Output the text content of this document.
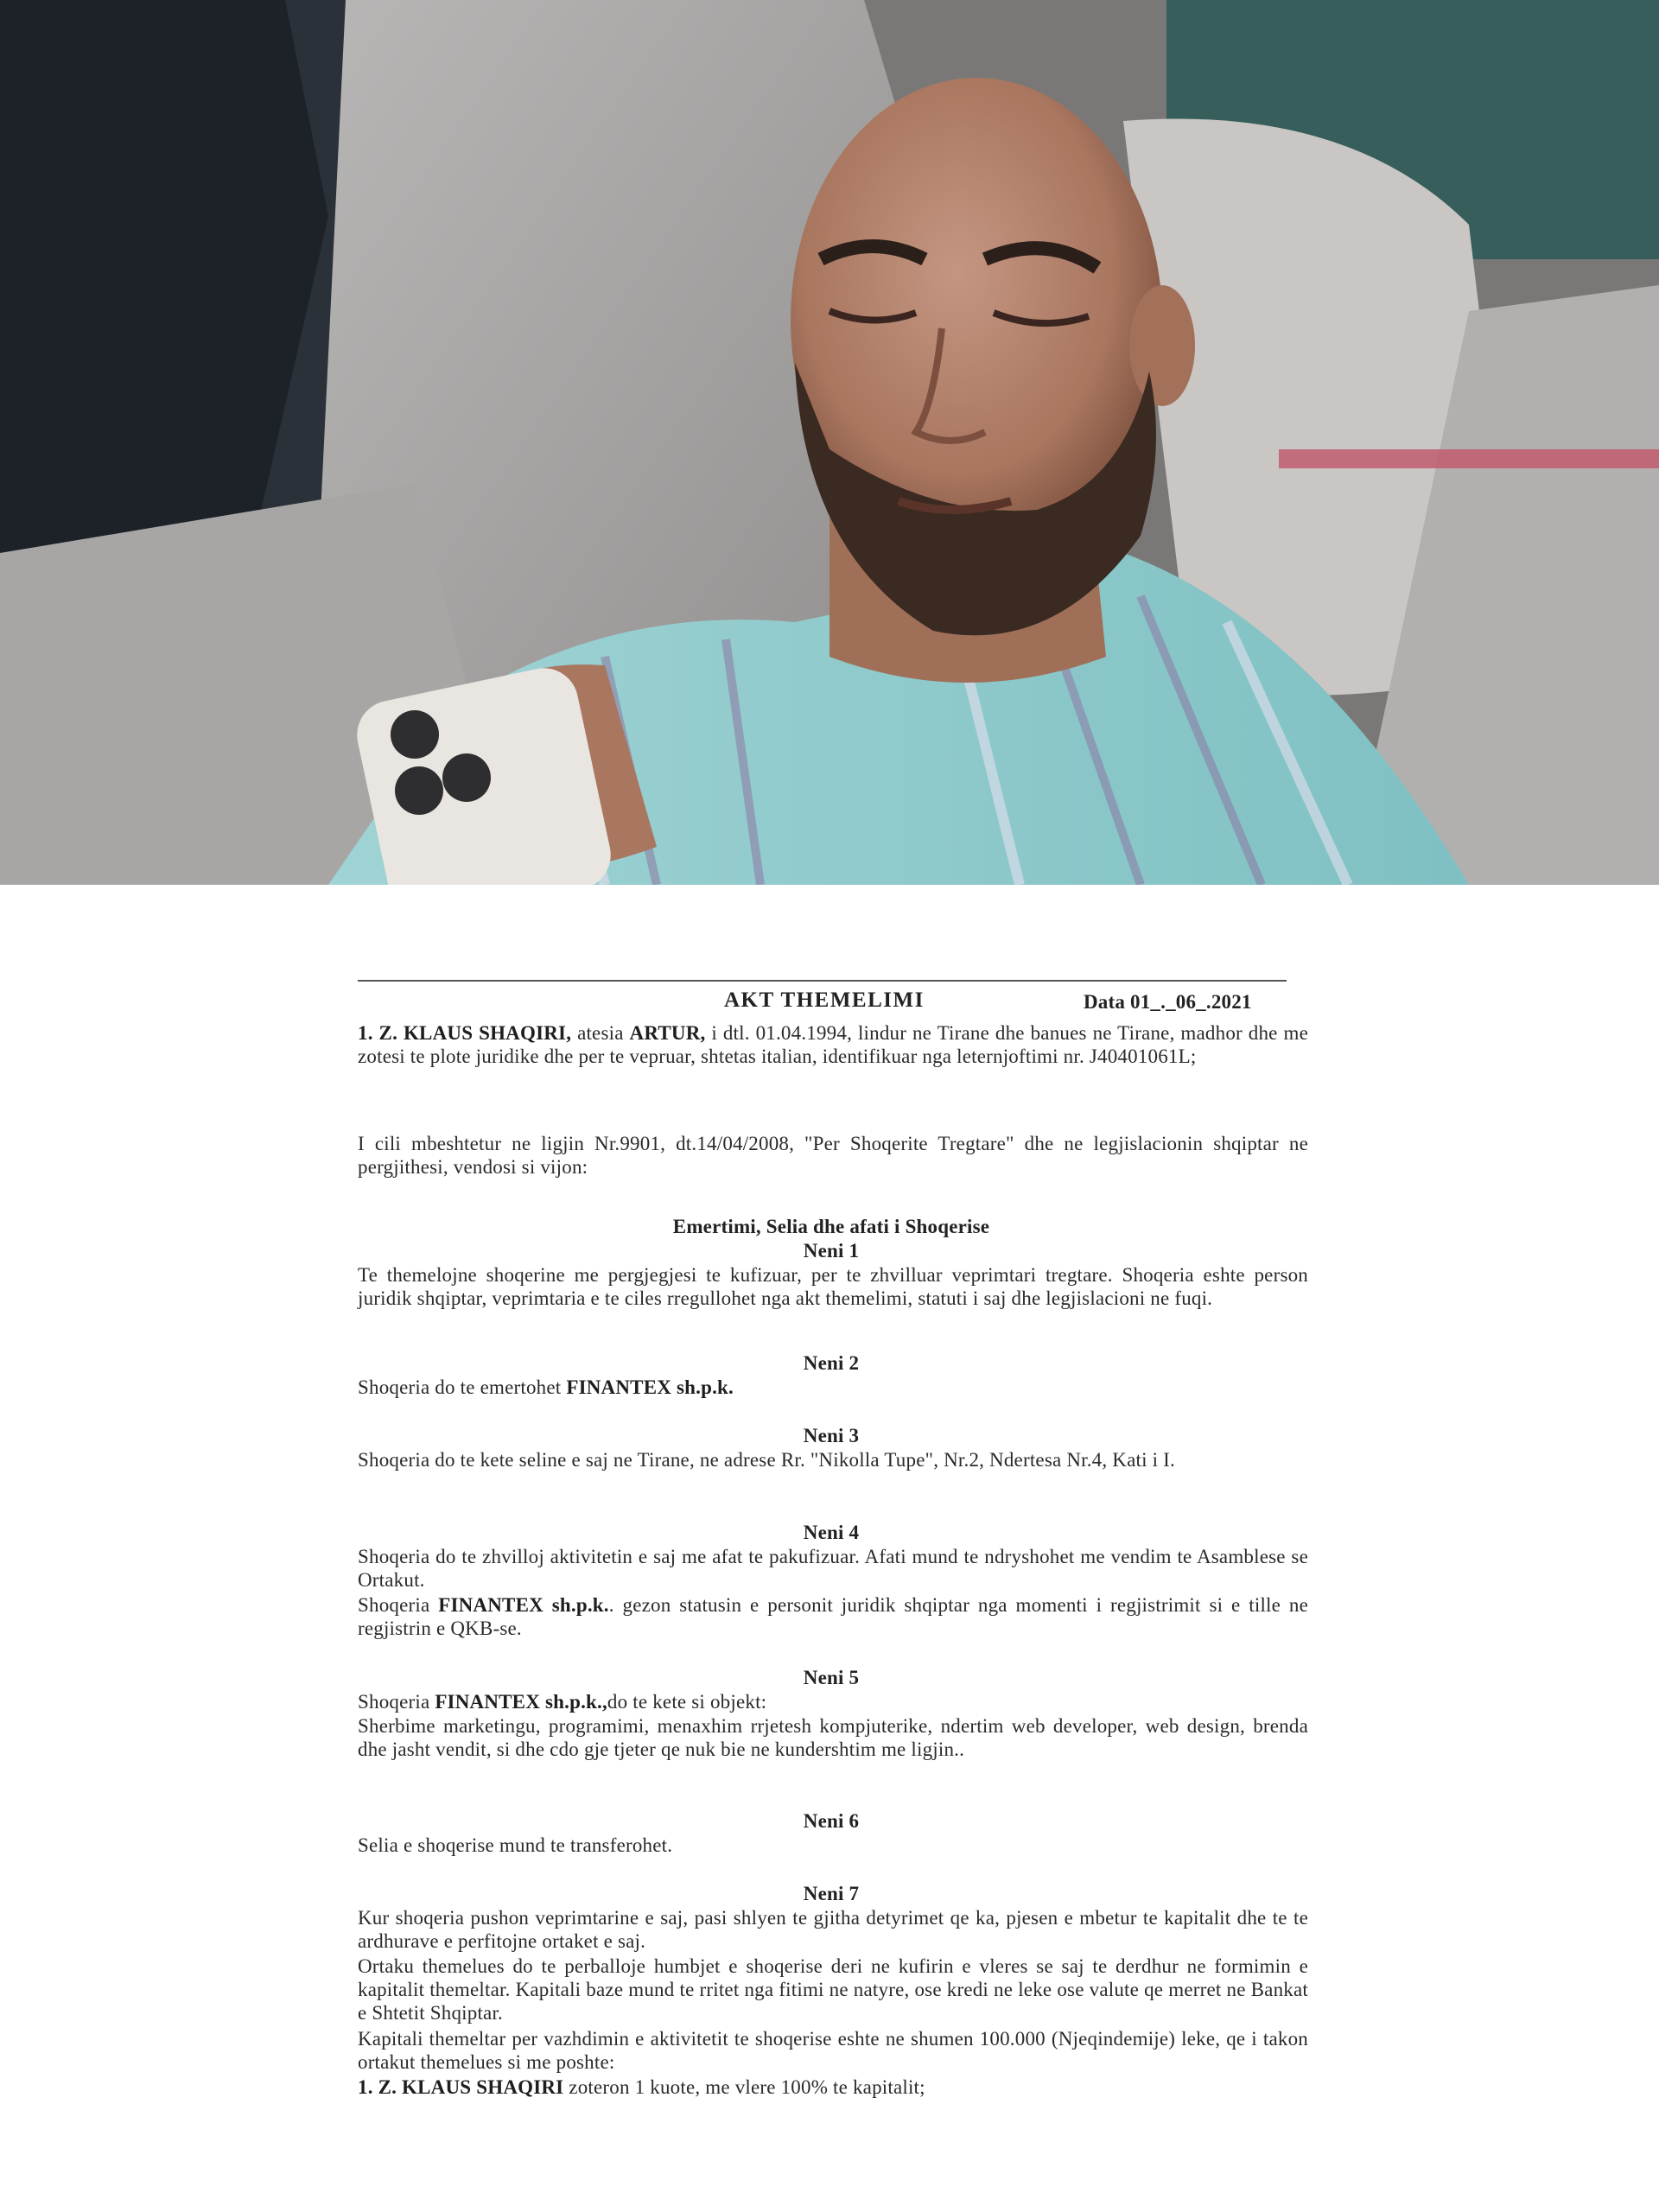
AKT THEMELIMI	Data 01_._06_.2021
1. Z. KLAUS SHAQIRI, atesia ARTUR, i dtl. 01.04.1994, lindur ne Tirane dhe banues ne Tirane, madhor dhe me zotesi te plote juridike dhe per te vepruar, shtetas italian, identifikuar nga leternjoftimi nr. J40401061L;
I cili mbeshtetur ne ligjin Nr.9901, dt.14/04/2008, "Per Shoqerite Tregtare" dhe ne legjislacionin shqiptar ne pergjithesi, vendosi si vijon:
Emertimi, Selia dhe afati i Shoqerise
Neni 1
Te themelojne shoqerine me pergjegjesi te kufizuar, per te zhvilluar veprimtari tregtare. Shoqeria eshte person juridik shqiptar, veprimtaria e te ciles rregullohet nga akt themelimi, statuti i saj dhe legjislacioni ne fuqi.
Neni 2
Shoqeria do te emertohet FINANTEX sh.p.k.
Neni 3
Shoqeria do te kete seline e saj ne Tirane, ne adrese Rr. "Nikolla Tupe", Nr.2, Ndertesa Nr.4, Kati i I.
Neni 4
Shoqeria do te zhvilloj aktivitetin e saj me afat te pakufizuar. Afati mund te ndryshohet me vendim te Asamblese se Ortakut.
Shoqeria FINANTEX sh.p.k.. gezon statusin e personit juridik shqiptar nga momenti i regjistrimit si e tille ne regjistrin e QKB-se.
Neni 5
Shoqeria FINANTEX sh.p.k.,do te kete si objekt:
Sherbime marketingu, programimi, menaxhim rrjetesh kompjuterike, ndertim web developer, web design, brenda dhe jasht vendit, si dhe cdo gje tjeter qe nuk bie ne kundershtim me ligjin..
Neni 6
Selia e shoqerise mund te transferohet.
Neni 7
Kur shoqeria pushon veprimtarine e saj, pasi shlyen te gjitha detyrimet qe ka, pjesen e mbetur te kapitalit dhe te te ardhurave e perfitojne ortaket e saj.
Ortaku themelues do te perballoje humbjet e shoqerise deri ne kufirin e vleres se saj te derdhur ne formimin e kapitalit themeltar. Kapitali baze mund te rritet nga fitimi ne natyre, ose kredi ne leke ose valute qe merret ne Bankat e Shtetit Shqiptar.
Kapitali themeltar per vazhdimin e aktivitetit te shoqerise eshte ne shumen 100.000 (Njeqindemije) leke, qe i takon ortakut themelues si me poshte:
1. Z. KLAUS SHAQIRI zoteron 1 kuote, me vlere 100% te kapitalit;
